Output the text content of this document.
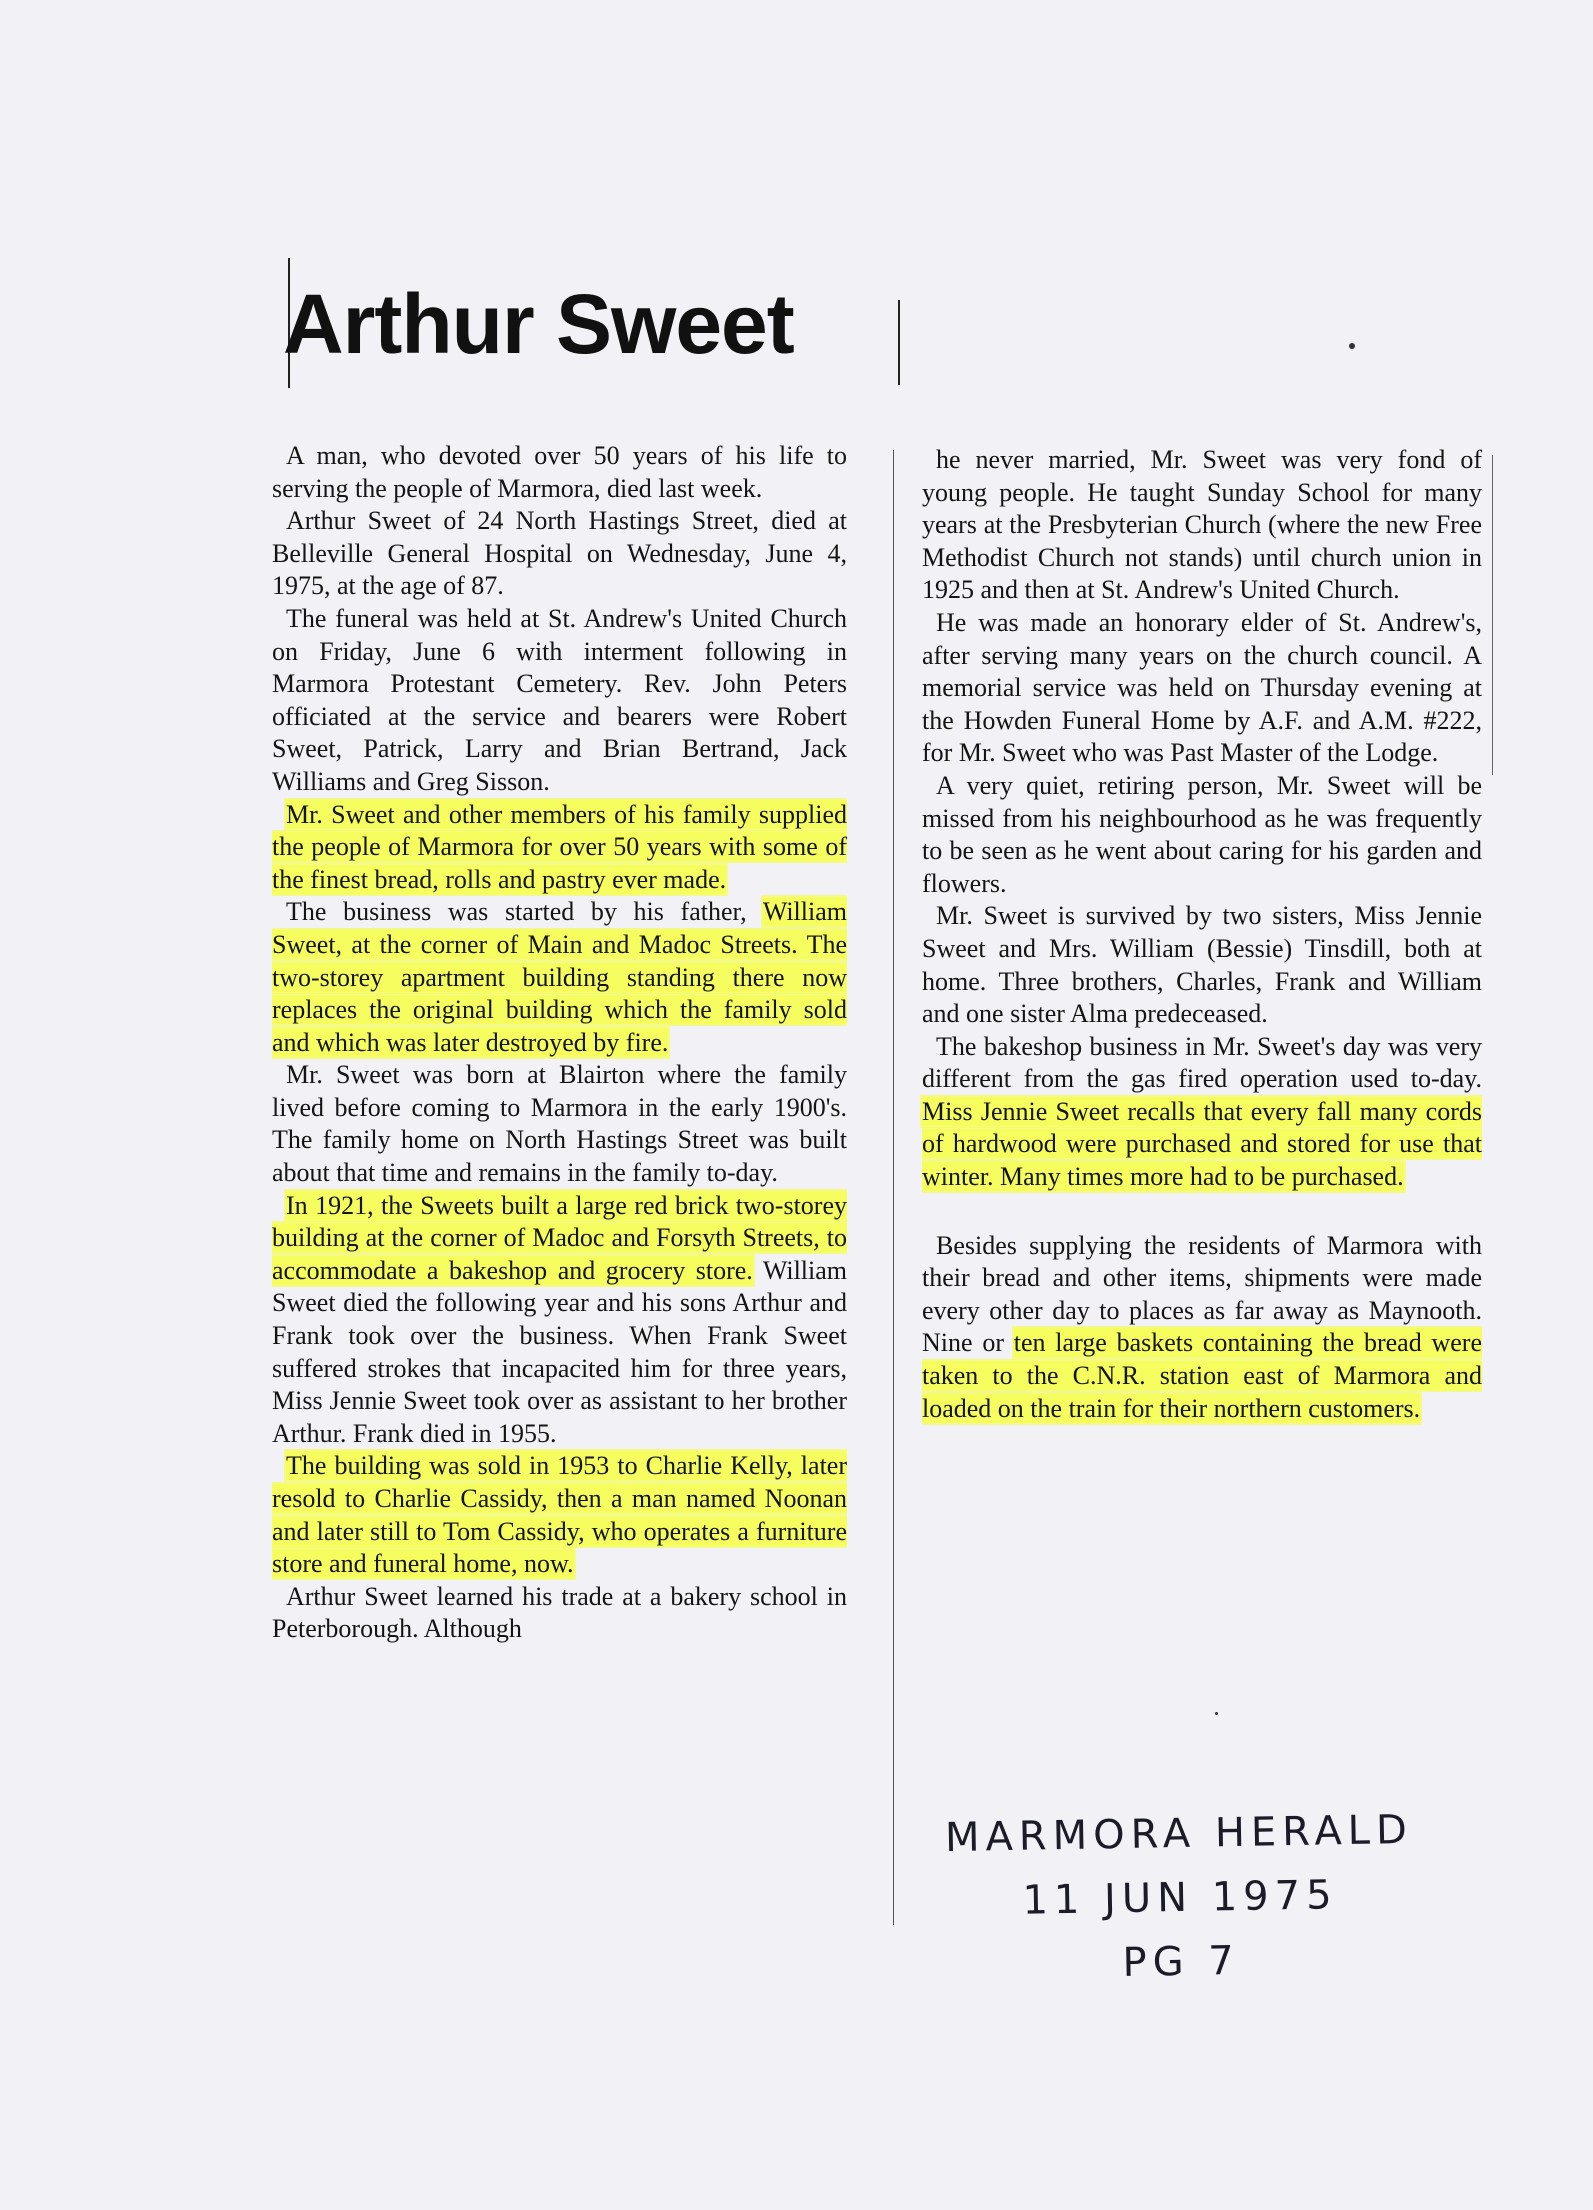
Arthur Sweet

A man, who devoted over 50 years of his life to serving the people of Marmora, died last week.

Arthur Sweet of 24 North Hastings Street, died at Belleville General Hospital on Wednesday, June 4, 1975, at the age of 87.

The funeral was held at St. Andrew's United Church on Friday, June 6 with interment following in Marmora Protestant Cemetery. Rev. John Peters officiated at the service and bearers were Robert Sweet, Patrick, Larry and Brian Bertrand, Jack Williams and Greg Sisson.

Mr. Sweet and other members of his family supplied the people of Marmora for over 50 years with some of the finest bread, rolls and pastry ever made.

The business was started by his father, William Sweet, at the corner of Main and Madoc Streets. The two-storey apartment building standing there now replaces the original building which the family sold and which was later destroyed by fire.

Mr. Sweet was born at Blairton where the family lived before coming to Marmora in the early 1900's. The family home on North Hastings Street was built about that time and remains in the family to-day.

In 1921, the Sweets built a large red brick two-storey building at the corner of Madoc and Forsyth Streets, to accommodate a bakeshop and grocery store. William Sweet died the following year and his sons Arthur and Frank took over the business. When Frank Sweet suffered strokes that incapacited him for three years, Miss Jennie Sweet took over as assistant to her brother Arthur. Frank died in 1955.

The building was sold in 1953 to Charlie Kelly, later resold to Charlie Cassidy, then a man named Noonan and later still to Tom Cassidy, who operates a furniture store and funeral home, now.

Arthur Sweet learned his trade at a bakery school in Peterborough. Although

he never married, Mr. Sweet was very fond of young people. He taught Sunday School for many years at the Presbyterian Church (where the new Free Methodist Church not stands) until church union in 1925 and then at St. Andrew's United Church.

He was made an honorary elder of St. Andrew's, after serving many years on the church council. A memorial service was held on Thursday evening at the Howden Funeral Home by A.F. and A.M. #222, for Mr. Sweet who was Past Master of the Lodge.

A very quiet, retiring person, Mr. Sweet will be missed from his neighbourhood as he was frequently to be seen as he went about caring for his garden and flowers.

Mr. Sweet is survived by two sisters, Miss Jennie Sweet and Mrs. William (Bessie) Tinsdill, both at home. Three brothers, Charles, Frank and William and one sister Alma predeceased.

The bakeshop business in Mr. Sweet's day was very different from the gas fired operation used to-day. Miss Jennie Sweet recalls that every fall many cords of hardwood were purchased and stored for use that winter. Many times more had to be purchased.

Besides supplying the residents of Marmora with their bread and other items, shipments were made every other day to places as far away as Maynooth. Nine or ten large baskets containing the bread were taken to the C.N.R. station east of Marmora and loaded on the train for their northern customers.

MARMORA HERALD
11 JUN 1975
PG 7
